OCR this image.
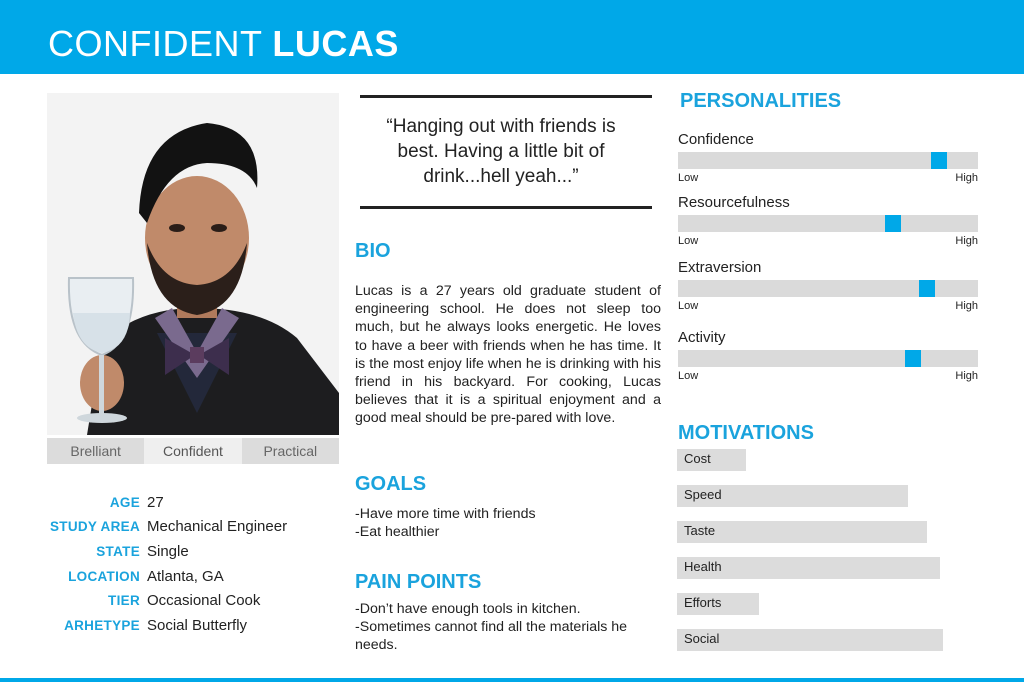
CONFIDENT LUCAS
Brelliant	Confident	Practical
AGE 27
STUDY AREA Mechanical Engineer
STATE Single
LOCATION Atlanta, GA
TIER Occasional Cook
ARHETYPE Social Butterfly
“Hanging out with friends is
best. Having a little bit of
drink...hell yeah...”
BIO
Lucas is a 27 years old graduate student of engineering school. He does not sleep too much, but he always looks energetic. He loves to have a beer with friends when he has time. It is the most enjoy life when he is drinking with his friend in his backyard. For cooking, Lucas believes that it is a spiritual enjoyment and a good meal should be pre-pared with love.
GOALS
-Have more time with friends
-Eat healthier
PAIN POINTS
-Don’t have enough tools in kitchen.
-Sometimes cannot find all the materials he needs.
PERSONALITIES
Confidence
Low	High
Resourcefulness
Low	High
Extraversion
Low	High
Activity
Low	High
MOTIVATIONS
Cost
Speed
Taste
Health
Efforts
Social
